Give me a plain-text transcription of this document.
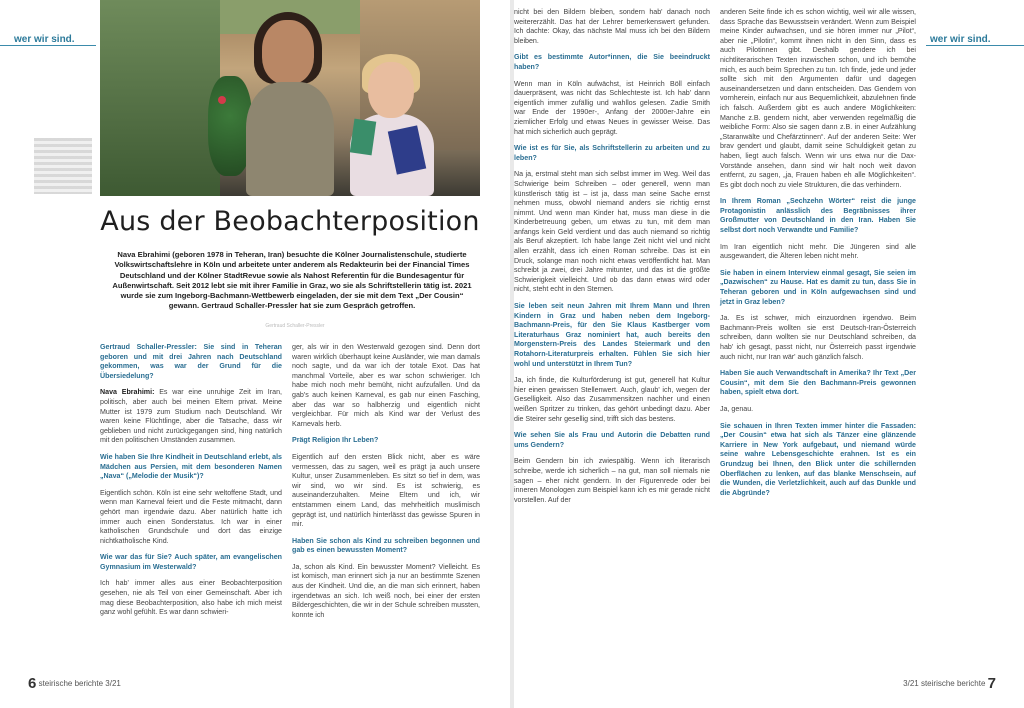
wer wir sind.
Aus der Beobachterposition

Nava Ebrahimi (geboren 1978 in Teheran, Iran) besuchte die Kölner Journalistenschule, studierte Volkswirtschaftslehre in Köln und arbeitete unter anderem als Redakteurin bei der Financial Times Deutschland und der Kölner StadtRevue sowie als Nahost Referentin für die Bundesagentur für Außenwirtschaft. Seit 2012 lebt sie mit ihrer Familie in Graz, wo sie als Schriftstellerin tätig ist. 2021 wurde sie zum Ingeborg-Bachmann-Wettbewerb eingeladen, der sie mit dem Text „Der Cousin“ gewann. Gertraud Schaller-Pressler hat sie zum Gespräch getroffen.

Gertraud Schaller-Pressler

Gertraud Schaller-Pressler: Sie sind in Teheran geboren und mit drei Jahren nach Deutschland gekommen, was war der Grund für die Übersiedelung?

Nava Ebrahimi: Es war eine unruhige Zeit im Iran, politisch, aber auch bei meinen Eltern privat. Meine Mutter ist 1979 zum Studium nach Deutschland. Wir waren keine Flüchtlinge, aber die Tatsache, dass wir geblieben und nicht zurückgegangen sind, hing natürlich mit den politischen Umständen zusammen.

Wie haben Sie Ihre Kindheit in Deutschland erlebt, als Mädchen aus Persien, mit dem besonderen Namen „Nava“ („Melodie der Musik“)?

Eigentlich schön. Köln ist eine sehr weltoffene Stadt, und wenn man Karneval feiert und die Feste mitmacht, dann gehört man irgendwie dazu. Aber natürlich hatte ich immer auch einen Sonderstatus. Ich war in einer katholischen Grundschule und dort das einzige nichtkatholische Kind.

Wie war das für Sie? Auch später, am evangelischen Gymnasium im Westerwald?

Ich hab' immer alles aus einer Beobachterposition gesehen, nie als Teil von einer Gemeinschaft. Aber ich mag diese Beobachterposition, also habe ich mich meist ganz wohl gefühlt. Es war dann schwieri-

ger, als wir in den Westerwald gezogen sind. Denn dort waren wirklich überhaupt keine Ausländer, wie man damals noch sagte, und da war ich der totale Exot. Das hat manchmal Vorteile, aber es war schon schwieriger. Ich habe mich noch mehr bemüht, nicht aufzufallen. Und da gab's auch keinen Karneval, es gab nur einen Fasching, aber das war so halbherzig und eigentlich nicht vergleichbar. Für mich als Kind war der Verlust des Karnevals herb.

Prägt Religion Ihr Leben?

Eigentlich auf den ersten Blick nicht, aber es wäre vermessen, das zu sagen, weil es prägt ja auch unsere Kultur, unser Zusammenleben. Es sitzt so tief in dem, was wir sind, wo wir sind. Es ist schwierig, es auseinanderzuhalten. Meine Eltern und ich, wir entstammen einem Land, das mehrheitlich muslimisch geprägt ist, und natürlich hinterlässt das gewisse Spuren in mir.

Haben Sie schon als Kind zu schreiben begonnen und gab es einen bewussten Moment?

Ja, schon als Kind. Ein bewusster Moment? Vielleicht. Es ist komisch, man erinnert sich ja nur an bestimmte Szenen aus der Kindheit. Und die, an die man sich erinnert, haben irgendetwas an sich. Ich weiß noch, bei einer der ersten Bildergeschichten, die wir in der Schule schreiben mussten, konnte ich

6 steirische berichte 3/21

nicht bei den Bildern bleiben, sondern hab' danach noch weitererzählt. Das hat der Lehrer bemerkenswert gefunden. Ich dachte: Okay, das nächste Mal muss ich bei den Bildern bleiben.

Gibt es bestimmte Autor*innen, die Sie beeindruckt haben?

Wenn man in Köln aufwächst, ist Heinrich Böll einfach dauerpräsent, was nicht das Schlechteste ist. Ich hab' dann eigentlich immer zufällig und wahllos gelesen. Zadie Smith war Ende der 1990er-, Anfang der 2000er-Jahre ein ziemlicher Erfolg und etwas Neues in gewisser Weise. Das hat mich sicherlich auch geprägt.

Wie ist es für Sie, als Schriftstellerin zu arbeiten und zu leben?

Na ja, erstmal steht man sich selbst immer im Weg. Weil das Schwierige beim Schreiben – oder generell, wenn man künstlerisch tätig ist – ist ja, dass man seine Sache ernst nehmen muss, obwohl niemand anders sie richtig ernst nimmt. Und wenn man Kinder hat, muss man diese in die Kinderbetreuung geben, um etwas zu tun, mit dem man anfangs kein Geld verdient und das auch niemand so richtig als Beruf akzeptiert. Ich habe lange Zeit nicht viel und nicht allen erzählt, dass ich einen Roman schreibe. Das ist ein Druck, solange man noch nicht etwas veröffentlicht hat. Man schreibt ja zwei, drei Jahre mitunter, und das ist die größte Schwierigkeit vielleicht. Und ob das dann etwas wird oder nicht, steht echt in den Sternen.

Sie leben seit neun Jahren mit Ihrem Mann und Ihren Kindern in Graz und haben neben dem Ingeborg-Bachmann-Preis, für den Sie Klaus Kastberger vom Literaturhaus Graz nominiert hat, auch bereits den Morgenstern-Preis des Landes Steiermark und den Rotahorn-Literaturpreis erhalten. Fühlen Sie sich hier wohl und unterstützt in Ihrem Tun?

Ja, ich finde, die Kulturförderung ist gut, generell hat Kultur hier einen gewissen Stellenwert. Auch, glaub' ich, wegen der Geselligkeit. Also das Zusammensitzen nachher und einen weißen Spritzer zu trinken, das gehört unbedingt dazu. Aber die Steirer sehr gesellig sind, trifft sich das bestens.

Wie sehen Sie als Frau und Autorin die Debatten rund ums Gendern?

Beim Gendern bin ich zwiespältig. Wenn ich literarisch schreibe, werde ich sicherlich – na gut, man soll niemals nie sagen – eher nicht gendern. In der Figurenrede oder bei inneren Monologen zum Beispiel kann ich es mir gerade nicht vorstellen. Auf der

anderen Seite finde ich es schon wichtig, weil wir alle wissen, dass Sprache das Bewusstsein verändert. Wenn zum Beispiel meine Kinder aufwachsen, und sie hören immer nur „Pilot“, aber nie „Pilotin“, kommt ihnen nicht in den Sinn, dass es auch Pilotinnen gibt. Deshalb gendere ich bei nichtliterarischen Texten inzwischen schon, und ich bemühe mich, es auch beim Sprechen zu tun. Ich finde, jede und jeder sollte sich mit den Argumenten dafür und dagegen auseinandersetzen und dann entscheiden. Das Gendern von vornherein, einfach nur aus Bequemlichkeit, abzulehnen finde ich falsch. Außerdem gibt es auch andere Möglichkeiten: Manche z.B. gendern nicht, aber verwenden regelmäßig die weibliche Form: Also sie sagen dann z.B. in einer Aufzählung „Staranwälte und Chefärztinnen“. Auf der anderen Seite: Wer brav gendert und glaubt, damit seine Schuldigkeit getan zu haben, liegt auch falsch. Wenn wir uns etwa nur die Dax-Vorstände ansehen, dann sind wir halt noch weit davon entfernt, zu sagen, „ja, Frauen haben eh alle Möglichkeiten“. Es gibt doch noch zu viele Strukturen, die das verhindern.

In Ihrem Roman „Sechzehn Wörter“ reist die junge Protagonistin anlässlich des Begräbnisses ihrer Großmutter von Deutschland in den Iran. Haben Sie selbst dort noch Verwandte und Familie?

Im Iran eigentlich nicht mehr. Die Jüngeren sind alle ausgewandert, die Älteren leben nicht mehr.

Sie haben in einem Interview einmal gesagt, Sie seien im „Dazwischen“ zu Hause. Hat es damit zu tun, dass Sie in Teheran geboren und in Köln aufgewachsen sind und jetzt in Graz leben?

Ja. Es ist schwer, mich einzuordnen irgendwo. Beim Bachmann-Preis wollten sie erst Deutsch-Iran-Österreich schreiben, dann wollten sie nur Deutschland schreiben, da hab' ich gesagt, passt nicht, nur Österreich passt irgendwie auch nicht, nur Iran wär' auch gänzlich falsch.

Haben Sie auch Verwandtschaft in Amerika? Ihr Text „Der Cousin“, mit dem Sie den Bachmann-Preis gewonnen haben, spielt etwa dort.

Ja, genau.

Sie schauen in Ihren Texten immer hinter die Fassaden: „Der Cousin“ etwa hat sich als Tänzer eine glänzende Karriere in New York aufgebaut, und niemand würde seine wahre Lebensgeschichte erahnen. Ist es ein Grundzug bei Ihnen, den Blick unter die schillernden Oberflächen zu lenken, auf das blanke Menschsein, auf die Wunden, die Verletzlichkeit, auch auf das Dunkle und die Abgründe?

wer wir sind.
3/21 steirische berichte 7
